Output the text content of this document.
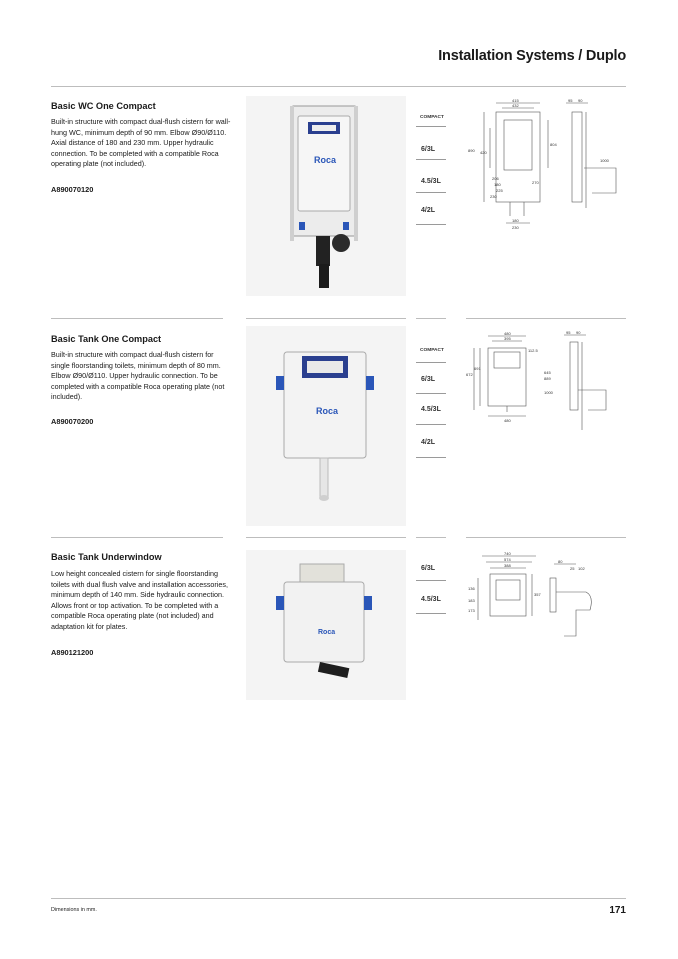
Installation Systems / Duplo
Basic WC One Compact
Built-in structure with compact dual-flush cistern for wall-hung WC, minimum depth of 90 mm. Elbow Ø90/Ø110. Axial distance of 180 and 230 mm. Upper hydraulic connection. To be completed with a compatible Roca operating plate (not included).
A890070120
Roca
COMPACT
6/3L
4.5/3L
4/2L
415
432
95 90
890 420
804
1000
206
180
225
270
230
180
230
Basic Tank One Compact
Built-in structure with compact dual-flush cistern for single floorstanding toilets, minimum depth of 80 mm. Elbow Ø90/Ø110. Upper hydraulic connection. To be completed with a compatible Roca operating plate (not included).
A890070200
Roca
COMPACT
6/3L
4.5/3L
4/2L
480
395
95 90
112.5
672
691
645
889
1000
480
Basic Tank Underwindow
Low height concealed cistern for single floorstanding toilets with dual flush valve and installation accessories, minimum depth of 140 mm. Side hydraulic connection. Allows front or top activation. To be completed with a compatible Roca operating plate (not included) and adaptation kit for plates.
A890121200
Roca
6/3L
4.5/3L
740
574
388
136
183
173
357
80
25 102
Dimensions in mm.	171
